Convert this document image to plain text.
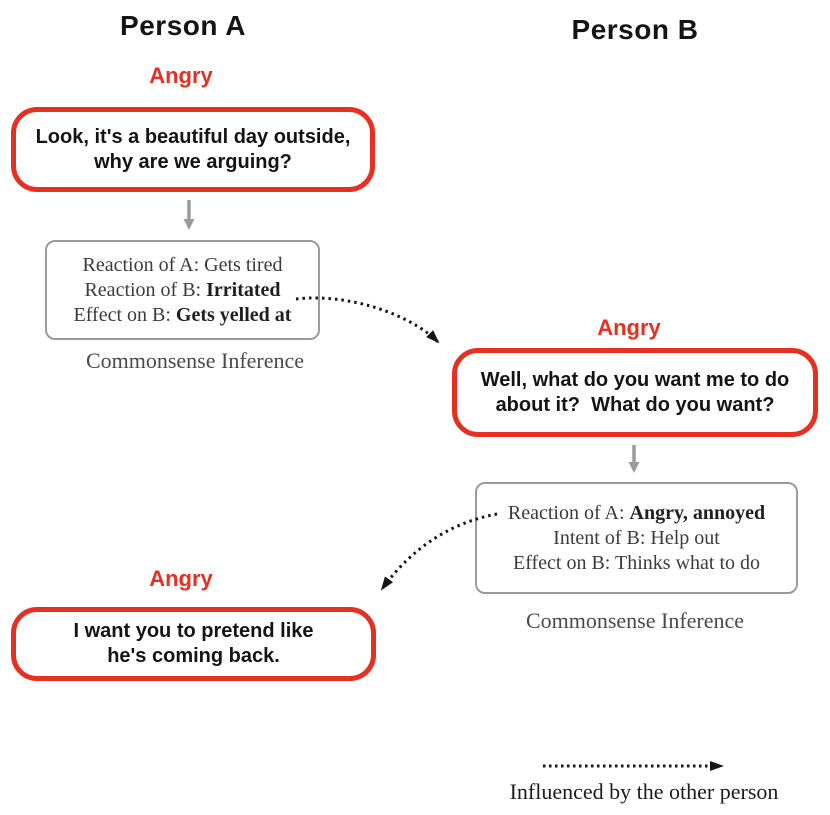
Person A	Person B
Angry
Look, it's a beautiful day outside,
why are we arguing?
Reaction of A: Gets tired
Reaction of B: Irritated
Effect on B: Gets yelled at
Commonsense Inference
Angry
Well, what do you want me to do
about it?  What do you want?
Reaction of A: Angry, annoyed
Intent of B: Help out
Effect on B: Thinks what to do
Commonsense Inference
Angry
I want you to pretend like
he's coming back.
Influenced by the other person
